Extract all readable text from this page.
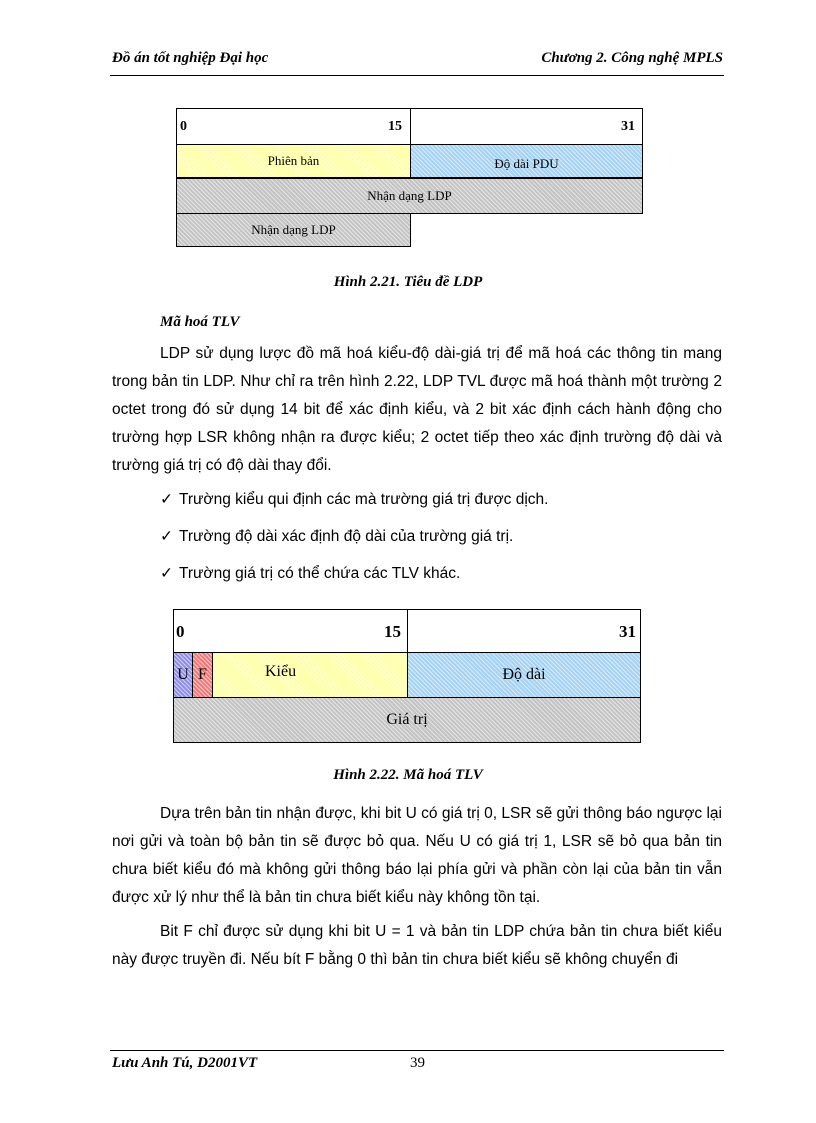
Đồ án tốt nghiệp Đại học	Chương 2. Công nghệ MPLS
0	15	31
Phiên bản	Độ dài PDU
Nhận dạng LDP
Nhận dạng LDP
Hình 2.21. Tiêu đề LDP
Mã hoá TLV

LDP sử dụng lược đồ mã hoá kiểu-độ dài-giá trị để mã hoá các thông tin mang trong bản tin LDP. Như chỉ ra trên hình 2.22, LDP TVL được mã hoá thành một trường 2 octet trong đó sử dụng 14 bit để xác định kiểu, và 2 bit xác định cách hành động cho trường hợp LSR không nhận ra được kiểu; 2 octet tiếp theo xác định trường độ dài và trường giá trị có độ dài thay đổi.

✓ Trường kiểu qui định các mà trường giá trị được dịch.
✓ Trường độ dài xác định độ dài của trường giá trị.
✓ Trường giá trị có thể chứa các TLV khác.
0	15	31
U F	Kiểu	Độ dài
Giá trị
Hình 2.22. Mã hoá TLV

Dựa trên bản tin nhận được, khi bit U có giá trị 0, LSR sẽ gửi thông báo ngược lại nơi gửi và toàn bộ bản tin sẽ được bỏ qua. Nếu U có giá trị 1, LSR sẽ bỏ qua bản tin chưa biết kiểu đó mà không gửi thông báo lại phía gửi và phần còn lại của bản tin vẫn được xử lý như thể là bản tin chưa biết kiểu này không tồn tại.

Bit F chỉ được sử dụng khi bit U = 1 và bản tin LDP chứa bản tin chưa biết kiểu này được truyền đi. Nếu bít F bằng 0 thì bản tin chưa biết kiểu sẽ không chuyển đi

Lưu Anh Tú, D2001VT	39
